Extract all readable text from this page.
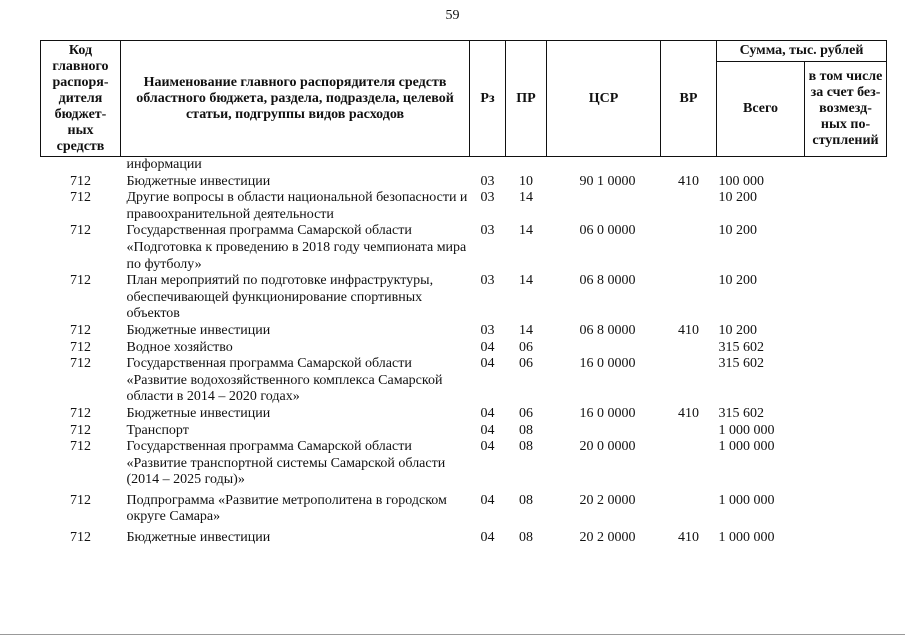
59
Код главного распоря-дителя бюджет-ных средств	Наименование главного распорядителя средств областного бюджета, раздела, подраздела, целевой статьи, подгруппы видов расходов	Рз	ПР	ЦСР	ВР	Сумма, тыс. рублей	
						Всего	в том числе за счет без-возмезд-ных по-ступлений
	информации						
712	Бюджетные инвестиции	03	10	90 1 0000	410	100 000	
712	Другие вопросы в области национальной безопасности и правоохранительной деятельности	03	14			10 200	
712	Государственная программа Самарской области «Подготовка к проведению в 2018 году чемпионата мира по футболу»	03	14	06 0 0000		10 200	
712	План мероприятий по подготовке инфраструктуры, обеспечивающей функционирование спортивных объектов	03	14	06 8 0000		10 200	
712	Бюджетные инвестиции	03	14	06 8 0000	410	10 200	
712	Водное хозяйство	04	06			315 602	
712	Государственная программа Самарской области «Развитие водохозяйственного комплекса Самарской области в 2014 – 2020 годах»	04	06	16 0 0000		315 602	
712	Бюджетные инвестиции	04	06	16 0 0000	410	315 602	
712	Транспорт	04	08			1 000 000	
712	Государственная программа Самарской области «Развитие транспортной системы Самарской области (2014 – 2025 годы)»	04	08	20 0 0000		1 000 000	
712	Подпрограмма «Развитие метрополитена в городском округе Самара»	04	08	20 2 0000		1 000 000	
712	Бюджетные инвестиции	04	08	20 2 0000	410	1 000 000	
